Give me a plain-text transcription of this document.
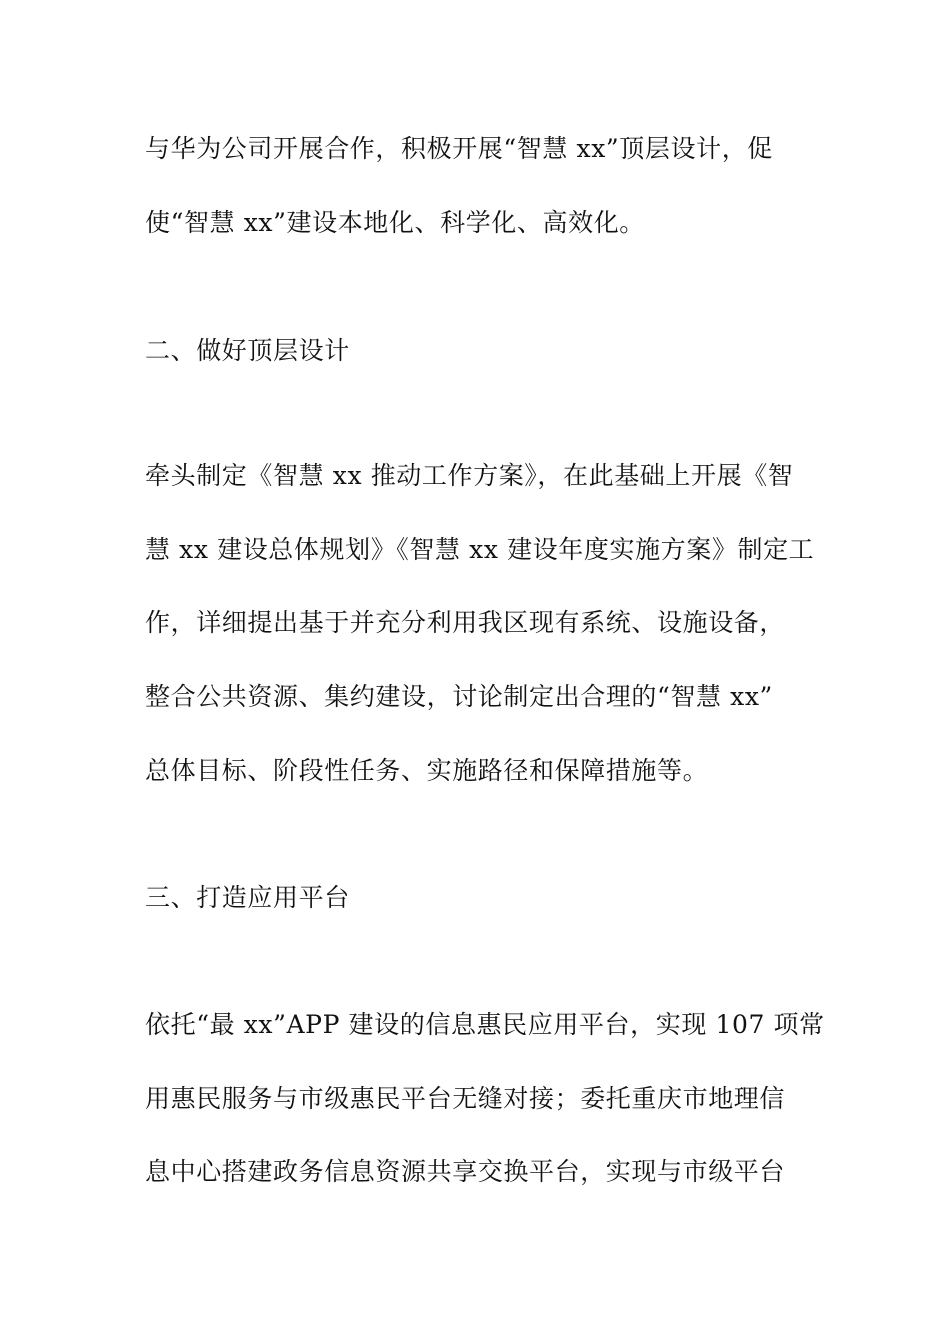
与华为公司开展合作，积极开展“智慧 xx”顶层设计，促
使“智慧 xx”建设本地化、科学化、高效化。
二、做好顶层设计
牵头制定《智慧 xx 推动工作方案》，在此基础上开展《智
慧 xx 建设总体规划》《智慧 xx 建设年度实施方案》制定工
作，详细提出基于并充分利用我区现有系统、设施设备，
整合公共资源、集约建设，讨论制定出合理的“智慧 xx”
总体目标、阶段性任务、实施路径和保障措施等。
三、打造应用平台
依托“最 xx”APP 建设的信息惠民应用平台，实现 107 项常
用惠民服务与市级惠民平台无缝对接；委托重庆市地理信
息中心搭建政务信息资源共享交换平台，实现与市级平台
